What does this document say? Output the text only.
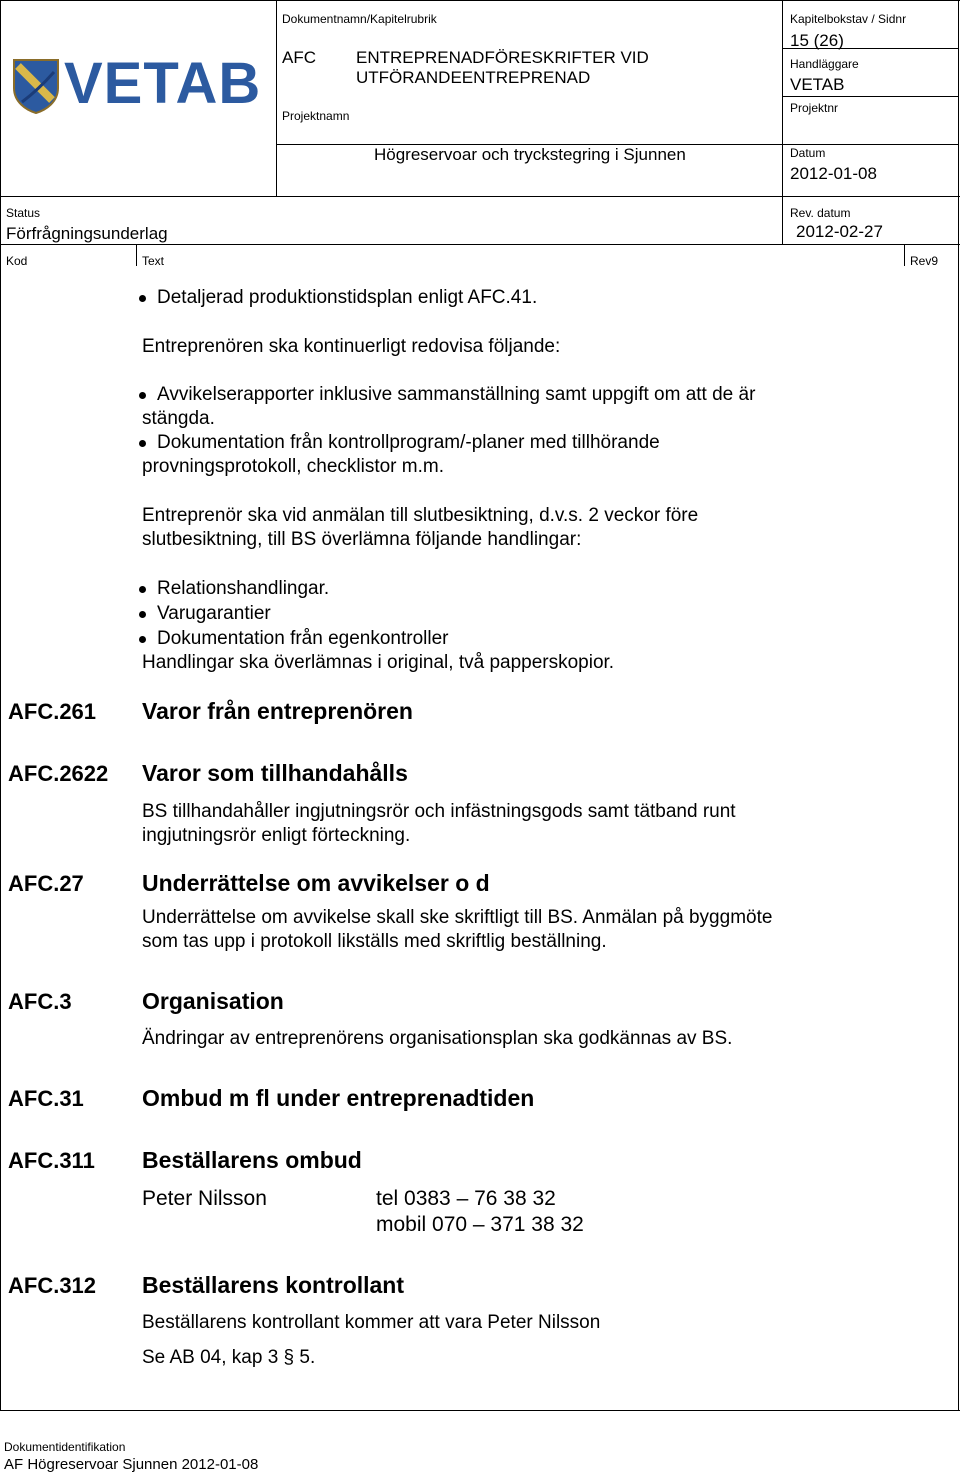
VETAB
Dokumentnamn/Kapitelrubrik
AFC ENTREPRENADFÖRESKRIFTER VID
UTFÖRANDEENTREPRENAD
Projektnamn
Högreservoar och tryckstegring i Sjunnen
Kapitelbokstav / Sidnr
15 (26)
Handläggare
VETAB
Projektnr
Datum
2012-01-08
Status
Förfrågningsunderlag
Rev. datum
2012-02-27
Kod	Text	Rev9
Detaljerad produktionstidsplan enligt AFC.41.
Entreprenören ska kontinuerligt redovisa följande:
Avvikelserapporter inklusive sammanställning samt uppgift om att de är
stängda.
Dokumentation från kontrollprogram/-planer med tillhörande
provningsprotokoll, checklistor m.m.
Entreprenör ska vid anmälan till slutbesiktning, d.v.s. 2 veckor före
slutbesiktning, till BS överlämna följande handlingar:
Relationshandlingar.
Varugarantier
Dokumentation från egenkontroller
Handlingar ska överlämnas i original, två papperskopior.
AFC.261 Varor från entreprenören
AFC.2622 Varor som tillhandahålls
BS tillhandahåller ingjutningsrör och infästningsgods samt tätband runt
ingjutningsrör enligt förteckning.
AFC.27	Underrättelse om avvikelser o d
Underrättelse om avvikelse skall ske skriftligt till BS. Anmälan på byggmöte
som tas upp i protokoll likställs med skriftlig beställning.
AFC.3	Organisation
Ändringar av entreprenörens organisationsplan ska godkännas av BS.
AFC.31	Ombud m fl under entreprenadtiden
AFC.311 Beställarens ombud
Peter Nilsson	tel 0383 – 76 38 32
mobil 070 – 371 38 32
AFC.312 Beställarens kontrollant
Beställarens kontrollant kommer att vara Peter Nilsson
Se AB 04, kap 3 § 5.
Dokumentidentifikation
AF Högreservoar Sjunnen 2012-01-08
